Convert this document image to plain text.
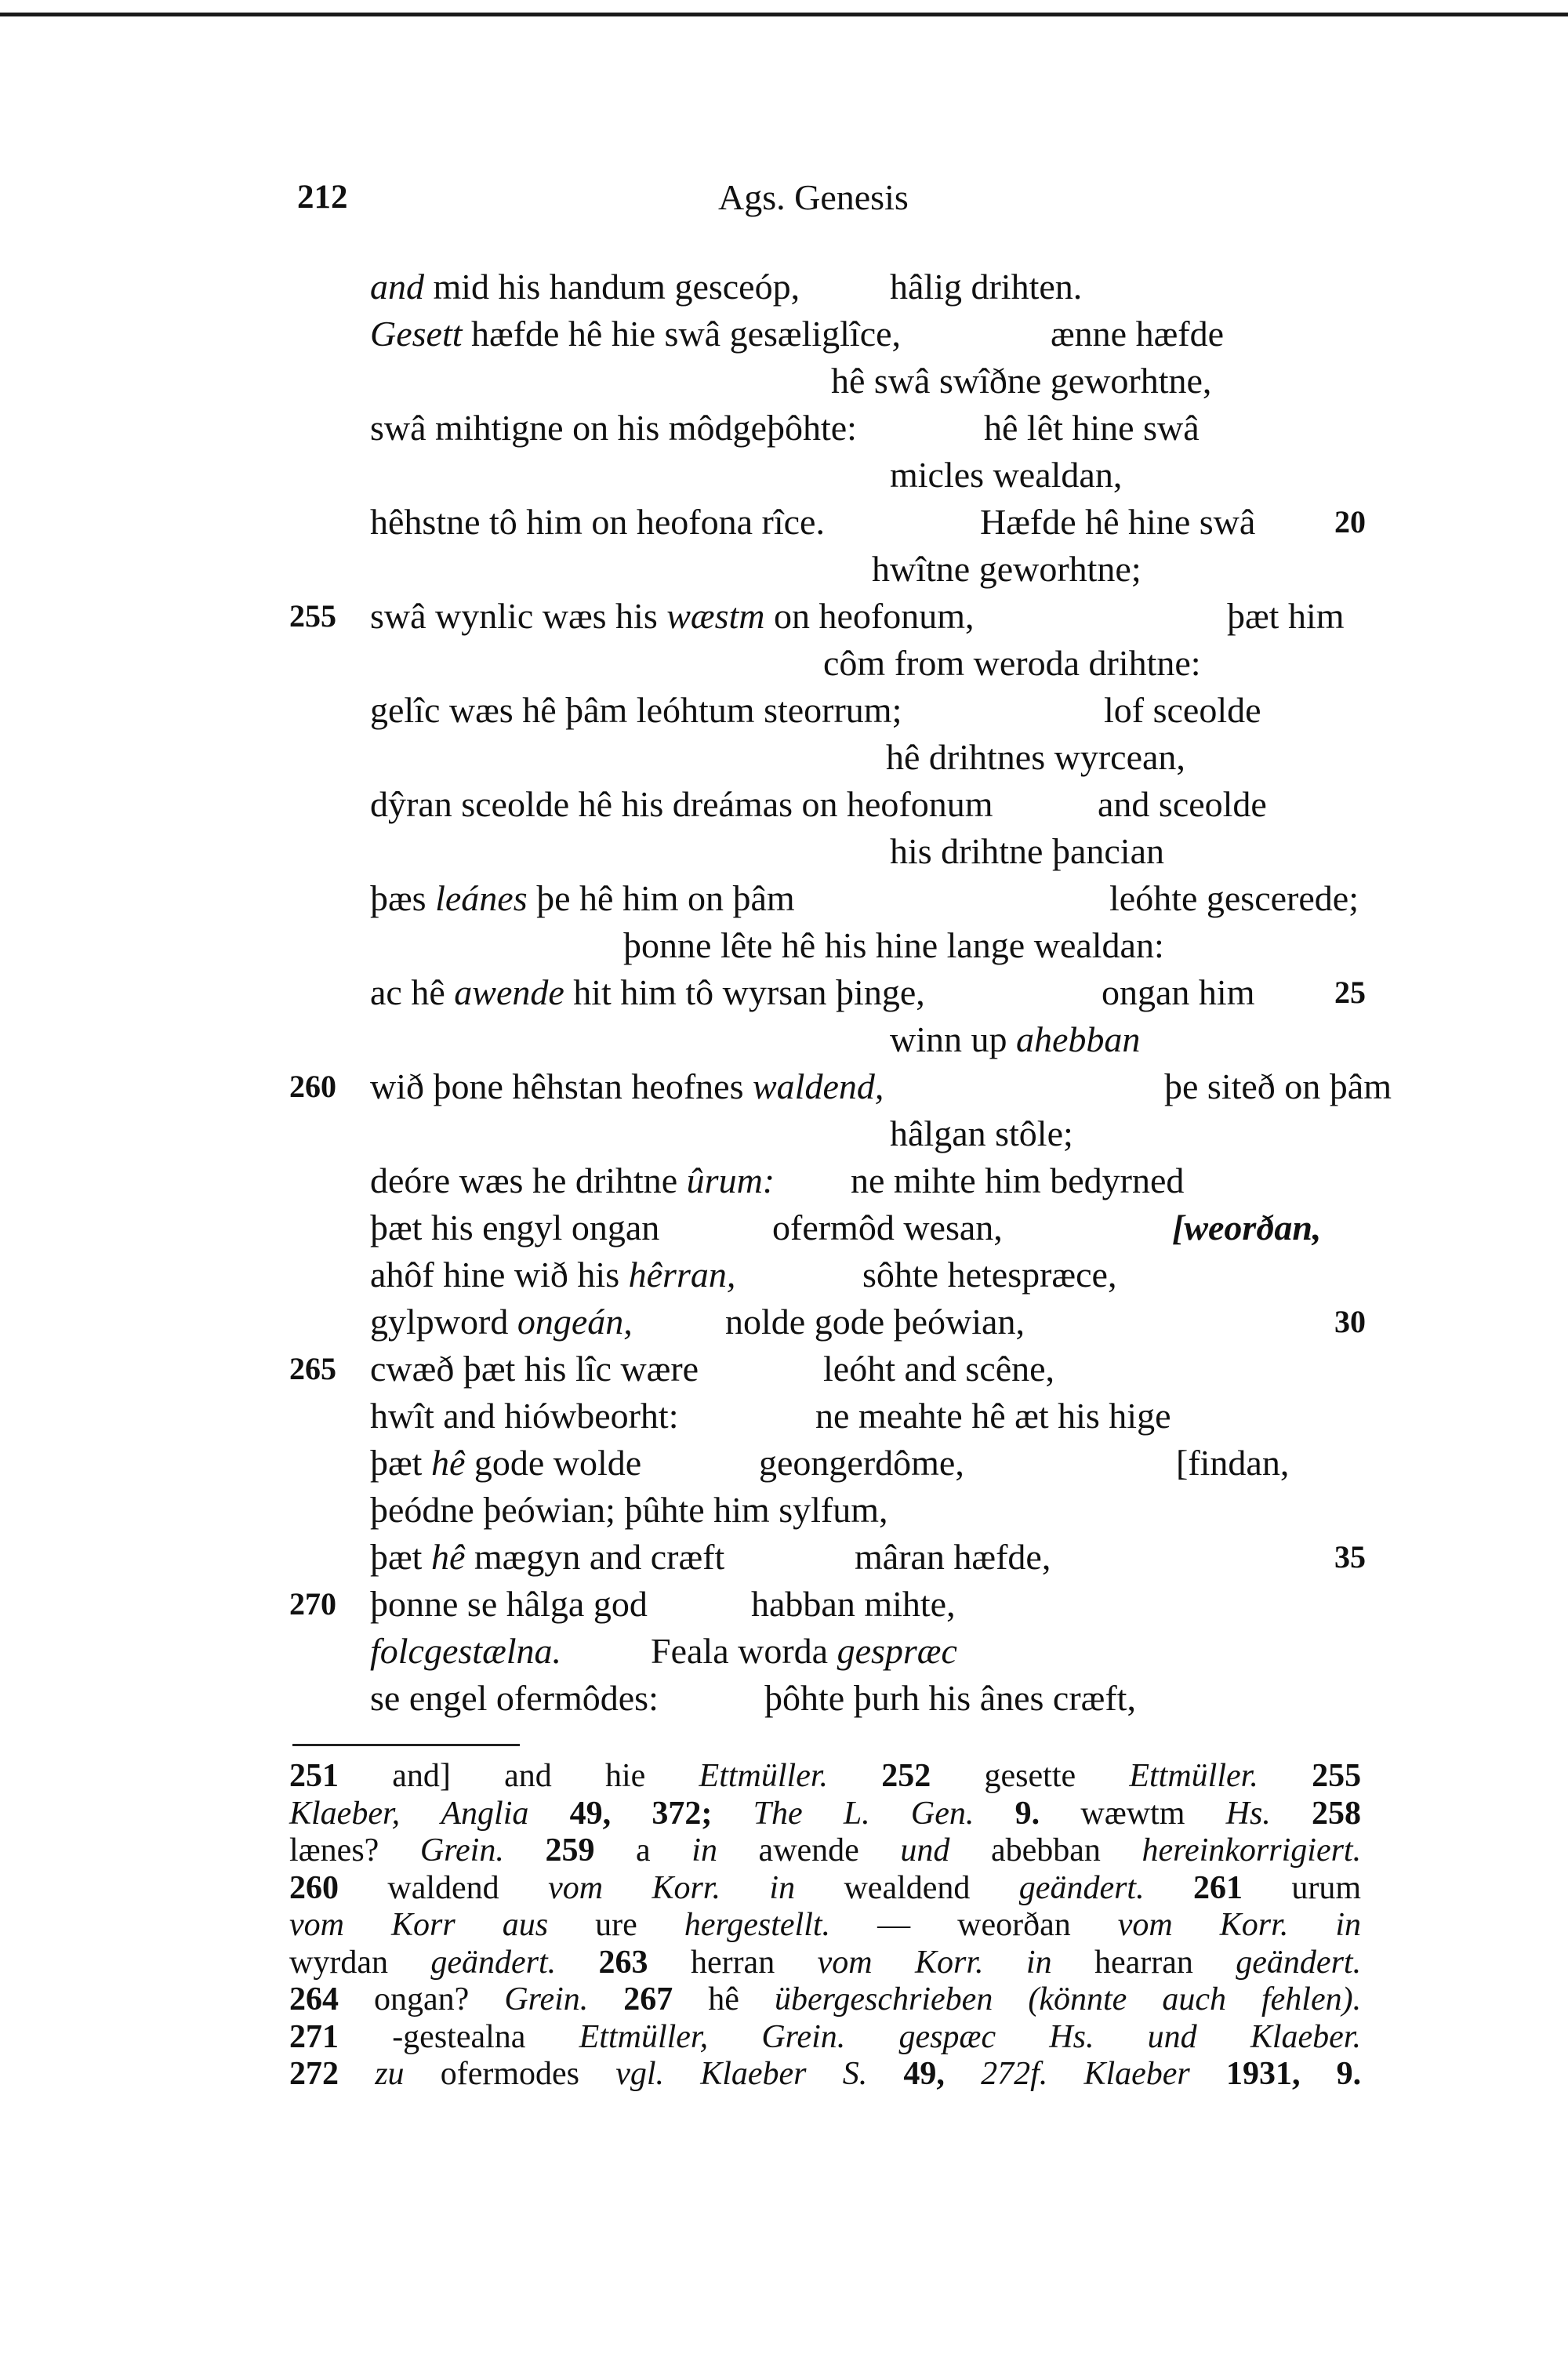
212	Ags. Genesis
and mid his handum gesceóp, hâlig drihten.
Gesett hæfde hê hie swâ gesæliglîce,	ænne hæfde
hê swâ swîðne geworhtne,
swâ mihtigne on his môdgeþôhte:	hê lêt hine swâ
micles wealdan,
hêhstne tô him on heofona rîce.	Hæfde hê hine swâ	20
hwîtne geworhtne;
255 swâ wynlic wæs his wæstm on heofonum,	þæt him
côm from weroda drihtne:
gelîc wæs hê þâm leóhtum steorrum;	lof sceolde
hê drihtnes wyrcean,
dŷran sceolde hê his dreámas on heofonum	and sceolde
his drihtne þancian
þæs leánes þe hê him on þâm	leóhte gescerede;
þonne lête hê his hine lange wealdan:
ac hê awende hit him tô wyrsan þinge,	ongan him	25
winn up ahebban
260 wið þone hêhstan heofnes waldend,	þe siteð on þâm
hâlgan stôle;
deóre wæs he drihtne ûrum: ne mihte him bedyrned
þæt his engyl ongan	ofermôd wesan,	[weorðan,
ahôf hine wið his hêrran,	sôhte hetespræce,
gylpword ongeán,	nolde gode þeówian,	30
265 cwæð þæt his lîc wære	leóht and scêne,
hwît and hiówbeorht:	ne meahte hê æt his hige
þæt hê gode wolde	geongerdôme,	[findan,
þeódne þeówian; þûhte him sylfum,
þæt hê mægyn and cræft	mâran hæfde,	35
270 þonne se hâlga god	habban mihte,
folcgestælna. Feala worda gespræc
se engel ofermôdes:	þôhte þurh his ânes cræft,
251 and] and hie Ettmüller. 252 gesette Ettmüller. 255
Klaeber, Anglia 49, 372; The L. Gen. 9. wæwtm Hs. 258
lænes? Grein. 259 a in awende und abebban hereinkorrigiert.
260 waldend vom Korr. in wealdend geändert. 261 urum
vom Korr aus ure hergestellt. — weorðan vom Korr. in
wyrdan geändert. 263 herran vom Korr. in hearran geändert.
264 ongan? Grein. 267 hê übergeschrieben (könnte auch fehlen).
271 -gestealna Ettmüller, Grein. gespæc Hs. und Klaeber.
272 zu ofermodes vgl. Klaeber S. 49, 272f. Klaeber 1931, 9.
